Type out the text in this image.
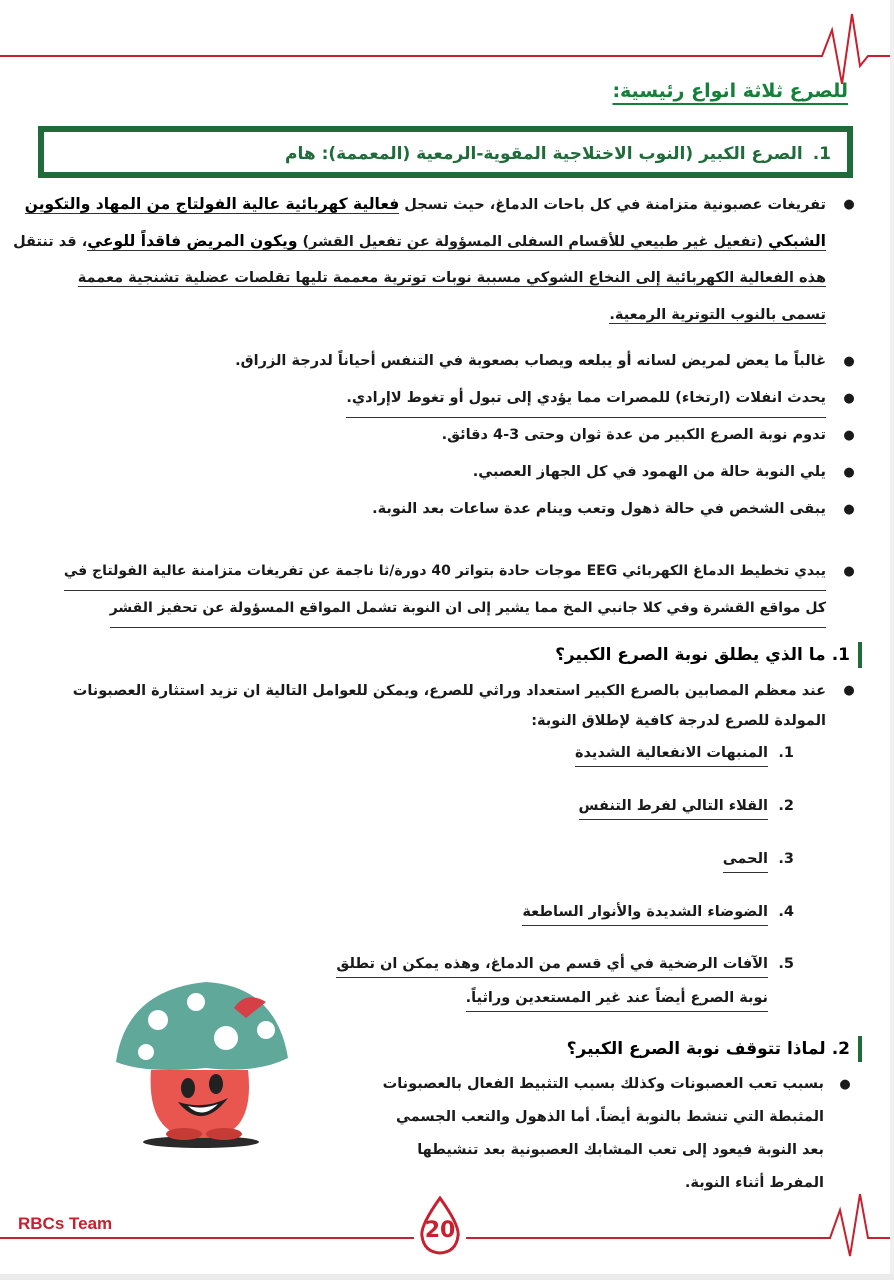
للصرع ثلاثة انواع رئيسية:
1.الصرع الكبير (النوب الاختلاجية المقوية-الرمعية (المعممة): هام
●
تفريغات عصبونية متزامنة في كل باحات الدماغ، حيث تسجل فعالية كهربائية عالية الفولتاج من المهاد والتكوين
الشبكي (تفعيل غير طبيعي للأقسام السفلى المسؤولة عن تفعيل القشر) ويكون المريض فاقداً للوعي، قد تنتقل
هذه الفعالية الكهربائية إلى النخاع الشوكي مسببة نوبات توترية معممة تليها تقلصات عضلية تشنجية معممة
تسمى بالنوب التوترية الرمعية.
●
غالباً ما يعض لمريض لسانه أو يبلعه ويصاب بصعوبة في التنفس أحياناً لدرجة الزراق.
●
يحدث انفلات (ارتخاء) للمصرات مما يؤدي إلى تبول أو تغوط لاإرادي.
●
تدوم نوبة الصرع الكبير من عدة ثوان وحتى 3-4 دقائق.
●
يلي النوبة حالة من الهمود في كل الجهاز العصبي.
●
يبقى الشخص في حالة ذهول وتعب وينام عدة ساعات بعد النوبة.
●
يبدي تخطيط الدماغ الكهربائي EEG موجات حادة بتواتر 40 دورة/ثا ناجمة عن تفريغات متزامنة عالية الفولتاج في
كل مواقع القشرة وفي كلا جانبي المخ مما يشير إلى ان النوبة تشمل المواقع المسؤولة عن تحفيز القشر
1.ما الذي يطلق نوبة الصرع الكبير؟
●
عند معظم المصابين بالصرع الكبير استعداد وراثي للصرع، ويمكن للعوامل التالية ان تزيد استثارة العصبونات
المولدة للصرع لدرجة كافية لإطلاق النوبة:
1.
المنبهات الانفعالية الشديدة
2.
القلاء التالي لفرط التنفس
3.
الحمى
4.
الضوضاء الشديدة والأنوار الساطعة
5.
الآفات الرضخية في أي قسم من الدماغ، وهذه يمكن ان تطلق
نوبة الصرع أيضاً عند غير المستعدين وراثياً.
2.لماذا تتوقف نوبة الصرع الكبير؟
●
بسبب تعب العصبونات وكذلك بسبب التثبيط الفعال بالعصبونات
المثبطة التي تنشط بالنوبة أيضاً. أما الذهول والتعب الجسمي
بعد النوبة فيعود إلى تعب المشابك العصبونية بعد تنشيطها
المفرط أثناء النوبة.
RBCs Team	20
